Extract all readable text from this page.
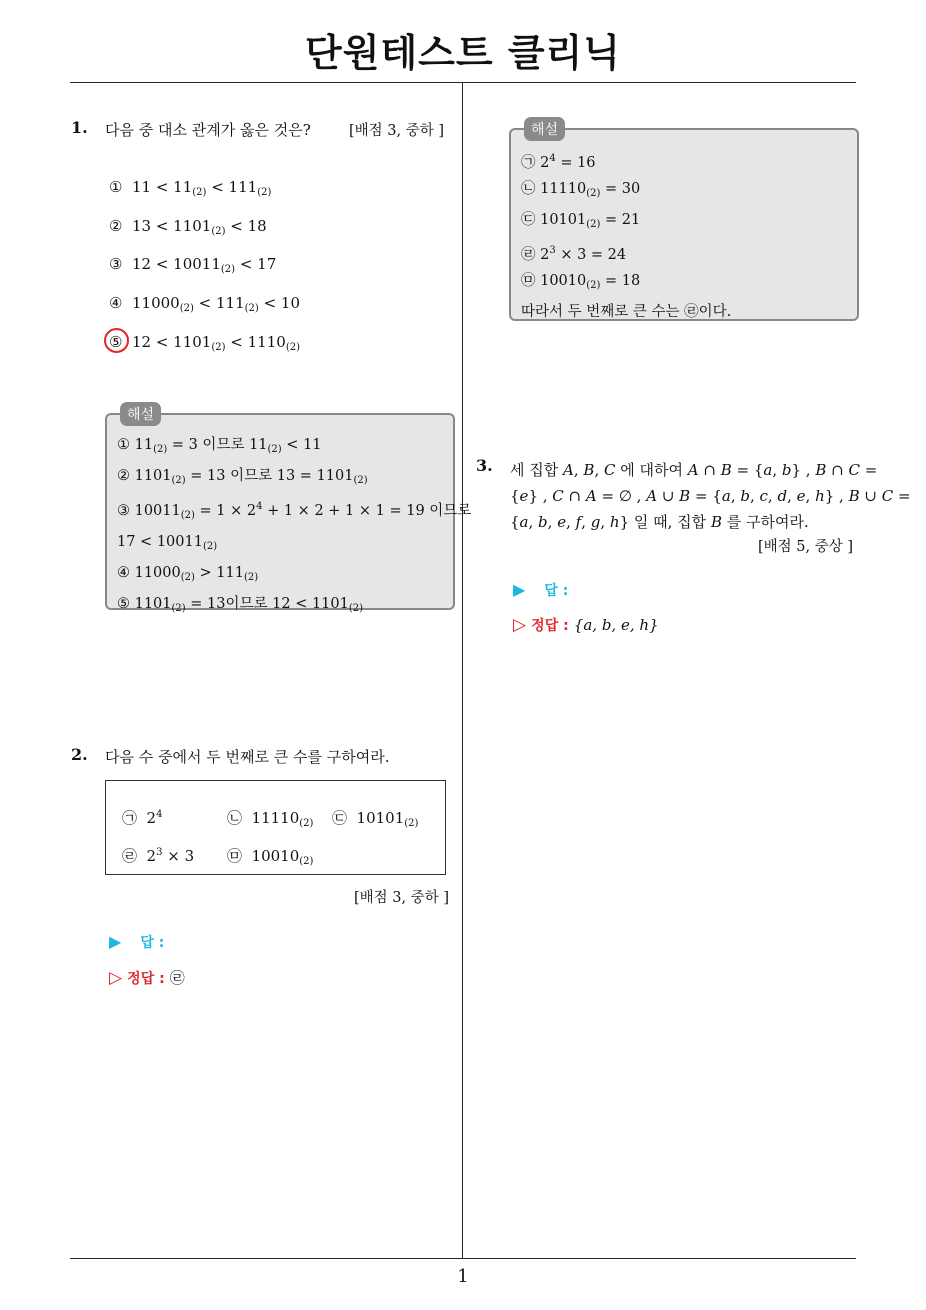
단원테스트 클리닉
1. 다음 중 대소 관계가 옳은 것은?	[배점 3, 중하 ]
①  $11 < 11_{(2)} < 111_{(2)}$
②  $13 < 1101_{(2)} < 18$
③  $12 < 10011_{(2)} < 17$
④  $11000_{(2)} < 111_{(2)} < 10$
⑤  $12 < 1101_{(2)} < 1110_{(2)}$
해설
① $11_{(2)} = 3$ 이므로 $11_{(2)} < 11$
② $1101_{(2)} = 13$ 이므로 $13 = 1101_{(2)}$
③ $10011_{(2)} = 1 \times 2^4 + 1 \times 2 + 1 \times 1 = 19$ 이므로
$17 < 10011_{(2)}$
④ $11000_{(2)} > 111_{(2)}$
⑤ $1101_{(2)} = 13$이므로 $12 < 1101_{(2)}$
2. 다음 수 중에서 두 번째로 큰 수를 구하여라.
㉠  $2^4$	㉡  $11110_{(2)}$ ㉢  $10101_{(2)}$
㉣  $2^3 \times 3$ ㉤  $10010_{(2)}$
[배점 3, 중하 ]
▶ 답 :
▷ 정답 : ㉣
해설
㉠ $2^4 = 16$
㉡ $11110_{(2)} = 30$
㉢ $10101_{(2)} = 21$
㉣ $2^3 \times 3 = 24$
㉤ $10010_{(2)} = 18$
따라서 두 번째로 큰 수는 ㉣이다.
3. 세 집합 A, B, C 에 대하여 A ∩ B = {a, b} , B ∩ C =
{e} , C ∩ A = ∅ , A ∪ B = {a, b, c, d, e, h} , B ∪ C =
{a, b, e, f, g, h} 일 때, 집합 B 를 구하여라.
[배점 5, 중상 ]
▶ 답 :
▷ 정답 : {a, b, e, h}
1
